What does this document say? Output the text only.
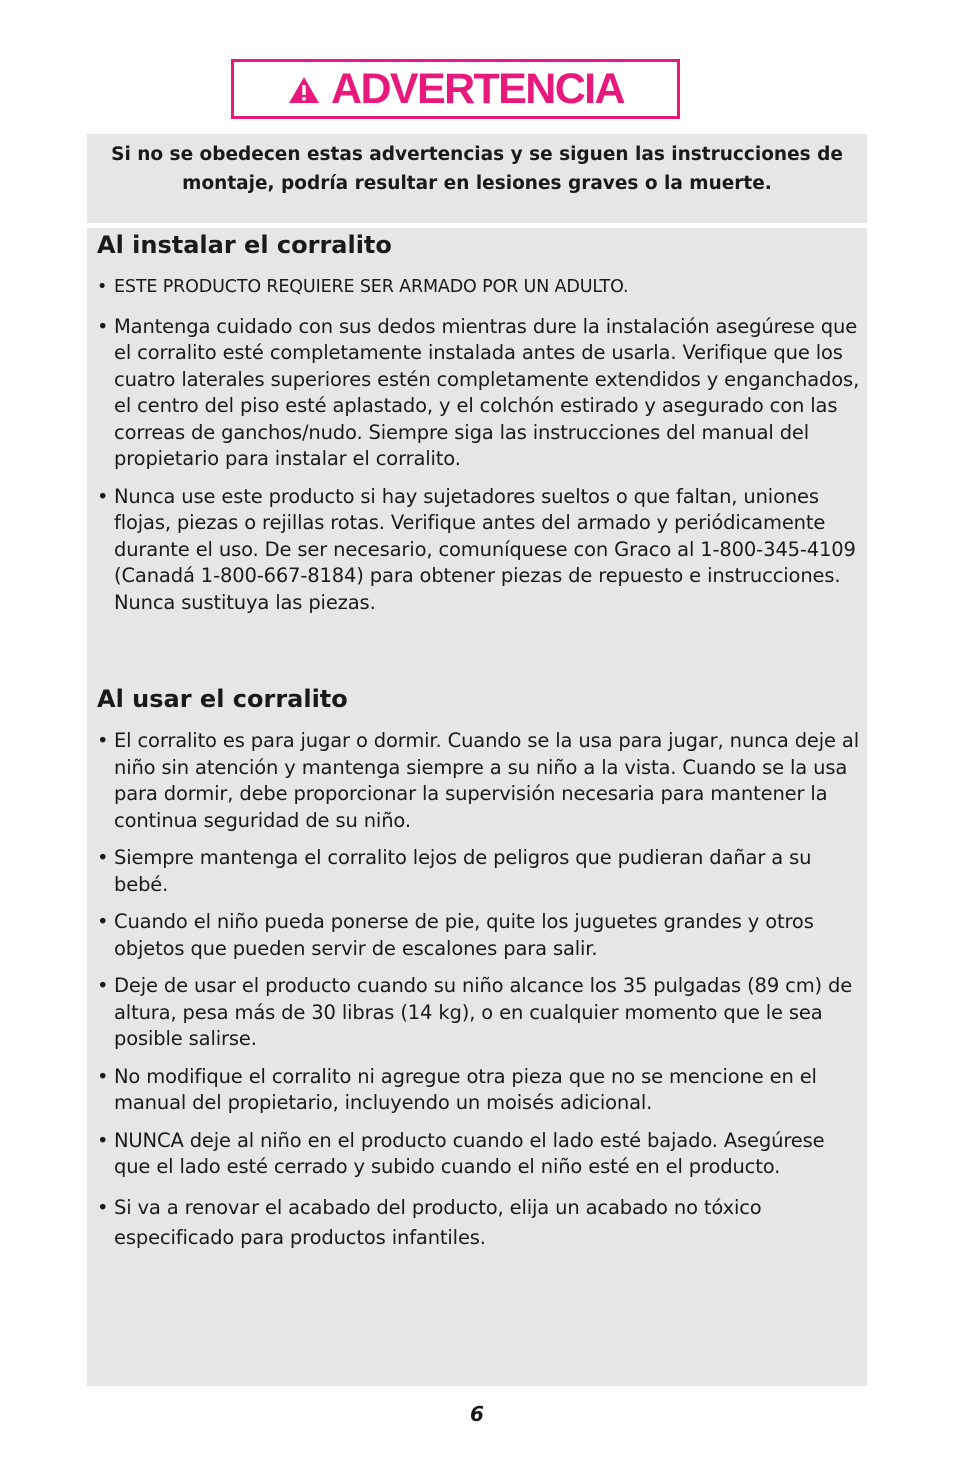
ADVERTENCIA
Si no se obedecen estas advertencias y se siguen las instrucciones de montaje, podría resultar en lesiones graves o la muerte.
Al instalar el corralito
• ESTE PRODUCTO REQUIERE SER ARMADO POR UN ADULTO.
• Mantenga cuidado con sus dedos mientras dure la instalación asegúrese que el corralito esté completamente instalada antes de usarla. Verifique que los cuatro laterales superiores estén completamente extendidos y enganchados, el centro del piso esté aplastado, y el colchón estirado y asegurado con las correas de ganchos/nudo. Siempre siga las instrucciones del manual del propietario para instalar el corralito.
• Nunca use este producto si hay sujetadores sueltos o que faltan, uniones flojas, piezas o rejillas rotas. Verifique antes del armado y periódicamente durante el uso. De ser necesario, comuníquese con Graco al 1-800-345-4109 (Canadá 1-800-667-8184) para obtener piezas de repuesto e instrucciones. Nunca sustituya las piezas.
Al usar el corralito
• El corralito es para jugar o dormir. Cuando se la usa para jugar, nunca deje al niño sin atención y mantenga siempre a su niño a la vista. Cuando se la usa para dormir, debe proporcionar la supervisión necesaria para mantener la continua seguridad de su niño.
• Siempre mantenga el corralito lejos de peligros que pudieran dañar a su bebé.
• Cuando el niño pueda ponerse de pie, quite los juguetes grandes y otros objetos que pueden servir de escalones para salir.
• Deje de usar el producto cuando su niño alcance los 35 pulgadas (89 cm) de altura, pesa más de 30 libras (14 kg), o en cualquier momento que le sea posible salirse.
• No modifique el corralito ni agregue otra pieza que no se mencione en el manual del propietario, incluyendo un moisés adicional.
• NUNCA deje al niño en el producto cuando el lado esté bajado. Asegúrese que el lado esté cerrado y subido cuando el niño esté en el producto.
• Si va a renovar el acabado del producto, elija un acabado no tóxico especificado para productos infantiles.
6
